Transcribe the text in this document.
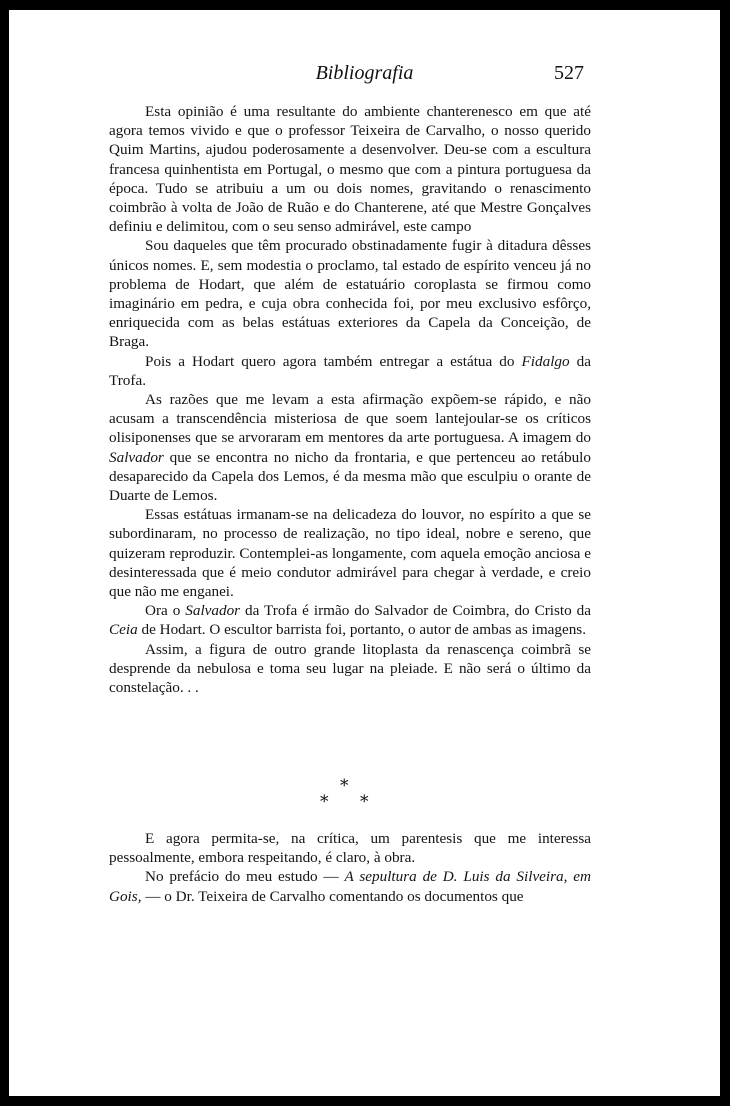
Bibliografia	527

Esta opinião é uma resultante do ambiente chanterenesco em que até agora temos vivido e que o professor Teixeira de Carvalho, o nosso querido Quim Martins, ajudou poderosamente a desenvolver. Deu-se com a escultura francesa quinhentista em Portugal, o mesmo que com a pintura portuguesa da época. Tudo se atribuiu a um ou dois nomes, gravitando o renascimento coimbrão à volta de João de Ruão e do Chanterene, até que Mestre Gonçalves definiu e delimitou, com o seu senso admirável, este campo

Sou daqueles que têm procurado obstinadamente fugir à ditadura dêsses únicos nomes. E, sem modestia o proclamo, tal estado de espírito venceu já no problema de Hodart, que além de estatuário coroplasta se firmou como imaginário em pedra, e cuja obra conhecida foi, por meu exclusivo esfôrço, enriquecida com as belas estátuas exteriores da Capela da Conceição, de Braga.

Pois a Hodart quero agora também entregar a estátua do Fidalgo da Trofa.

As razões que me levam a esta afirmação expõem-se rápido, e não acusam a transcendência misteriosa de que soem lantejoular-se os críticos olisiponenses que se arvoraram em mentores da arte portuguesa. A imagem do Salvador que se encontra no nicho da frontaria, e que pertenceu ao retábulo desaparecido da Capela dos Lemos, é da mesma mão que esculpiu o orante de Duarte de Lemos.

Essas estátuas irmanam-se na delicadeza do louvor, no espírito a que se subordinaram, no processo de realização, no tipo ideal, nobre e sereno, que quizeram reproduzir. Contemplei-as longamente, com aquela emoção anciosa e desinteressada que é meio condutor admirável para chegar à verdade, e creio que não me enganei.

Ora o Salvador da Trofa é irmão do Salvador de Coimbra, do Cristo da Ceia de Hodart. O escultor barrista foi, portanto, o autor de ambas as imagens.

Assim, a figura de outro grande litoplasta da renascença coimbrã se desprende da nebulosa e toma seu lugar na pleiade. E não será o último da constelação. . .

*
* *

E agora permita-se, na crítica, um parentesis que me interessa pessoalmente, embora respeitando, é claro, à obra.

No prefácio do meu estudo — A sepultura de D. Luis da Silveira, em Gois, — o Dr. Teixeira de Carvalho comentando os documentos que
